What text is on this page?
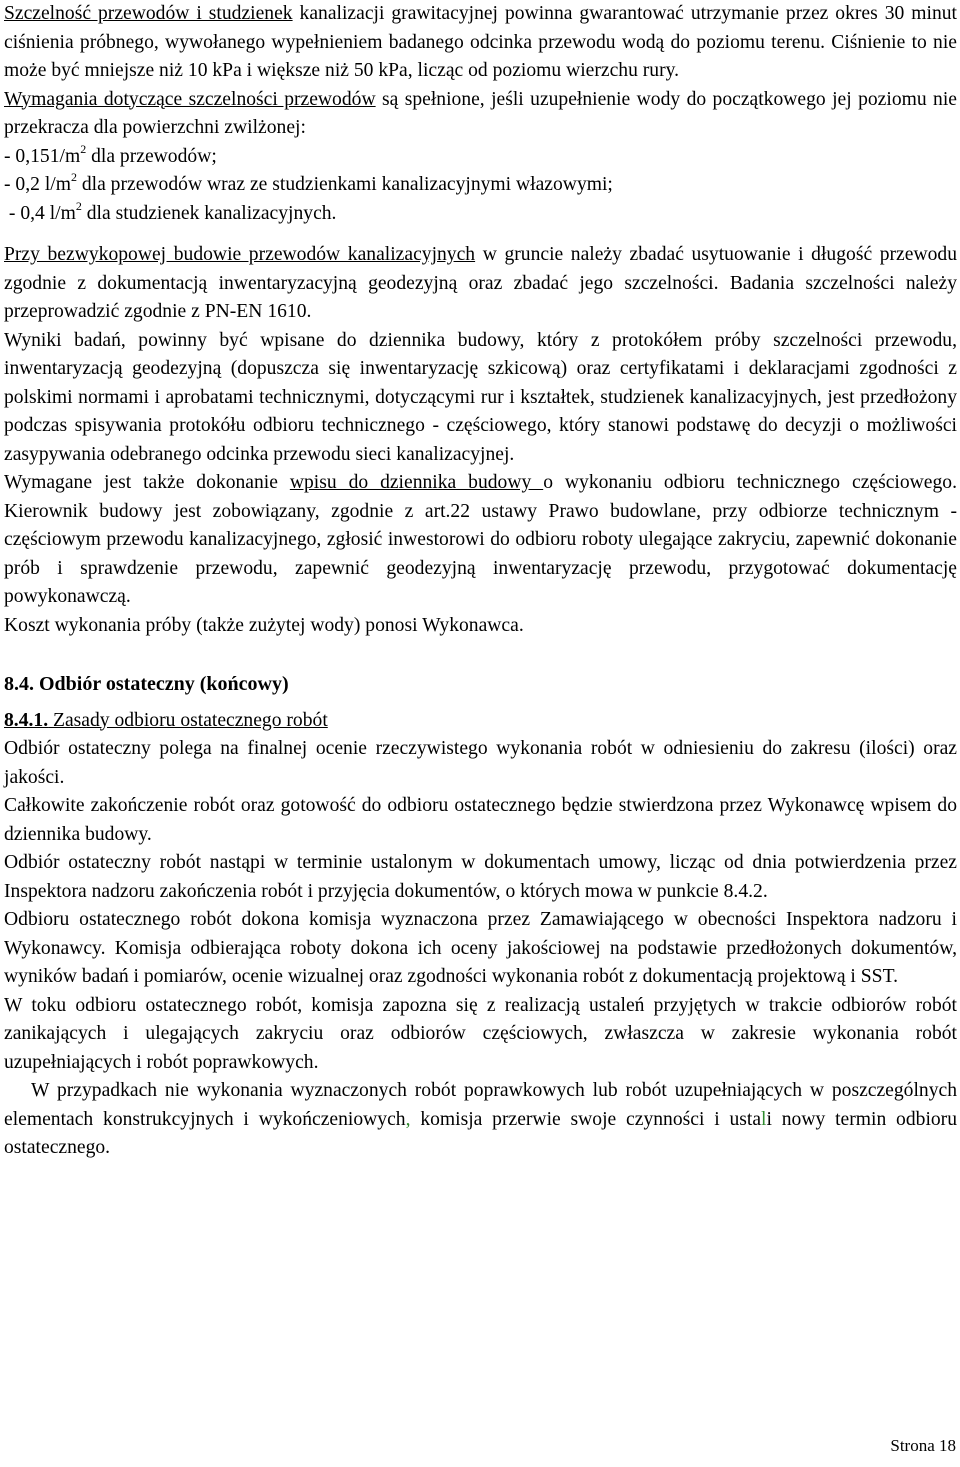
Szczelność przewodów i studzienek kanalizacji grawitacyjnej powinna gwarantować utrzymanie przez okres 30 minut ciśnienia próbnego, wywołanego wypełnieniem badanego odcinka przewodu wodą do poziomu terenu. Ciśnienie to nie może być mniejsze niż 10 kPa i większe niż 50 kPa, licząc od poziomu wierzchu rury.

Wymagania dotyczące szczelności przewodów są spełnione, jeśli uzupełnienie wody do początkowego jej poziomu nie przekracza dla powierzchni zwilżonej:

- $0,151/m^2$ dla przewodów;

- 0,2 $l/m^2$ dla przewodów wraz ze studzienkami kanalizacyjnymi włazowymi;

- 0,4 $l/m^2$ dla studzienek kanalizacyjnych.

Przy bezwykopowej budowie przewodów kanalizacyjnych w gruncie należy zbadać usytuowanie i długość przewodu zgodnie z dokumentacją inwentaryzacyjną geodezyjną oraz zbadać jego szczelności. Badania szczelności należy przeprowadzić zgodnie z PN-EN 1610.

Wyniki badań, powinny być wpisane do dziennika budowy, który z protokółem próby szczelności przewodu, inwentaryzacją geodezyjną (dopuszcza się inwentaryzację szkicową) oraz certyfikatami i deklaracjami zgodności z polskimi normami i aprobatami technicznymi, dotyczącymi rur i kształtek, studzienek kanalizacyjnych, jest przedłożony podczas spisywania protokółu odbioru technicznego - częściowego, który stanowi podstawę do decyzji o możliwości zasypywania odebranego odcinka przewodu sieci kanalizacyjnej.

Wymagane jest także dokonanie wpisu do dziennika budowy o wykonaniu odbioru technicznego częściowego. Kierownik budowy jest zobowiązany, zgodnie z art.22 ustawy Prawo budowlane, przy odbiorze technicznym - częściowym przewodu kanalizacyjnego, zgłosić inwestorowi do odbioru roboty ulegające zakryciu, zapewnić dokonanie prób i sprawdzenie przewodu, zapewnić geodezyjną inwentaryzację przewodu, przygotować dokumentację powykonawczą.

Koszt wykonania próby (także zużytej wody) ponosi Wykonawca.

8.4. Odbiór ostateczny (końcowy)

8.4.1. Zasady odbioru ostatecznego robót

Odbiór ostateczny polega na finalnej ocenie rzeczywistego wykonania robót w odniesieniu do zakresu (ilości) oraz jakości.

Całkowite zakończenie robót oraz gotowość do odbioru ostatecznego będzie stwierdzona przez Wykonawcę wpisem do dziennika budowy.

Odbiór ostateczny robót nastąpi w terminie ustalonym w dokumentach umowy, licząc od dnia potwierdzenia przez Inspektora nadzoru zakończenia robót i przyjęcia dokumentów, o których mowa w punkcie 8.4.2.

Odbioru ostatecznego robót dokona komisja wyznaczona przez Zamawiającego w obecności Inspektora nadzoru i Wykonawcy. Komisja odbierająca roboty dokona ich oceny jakościowej na podstawie przedłożonych dokumentów, wyników badań i pomiarów, ocenie wizualnej oraz zgodności wykonania robót z dokumentacją projektową i SST.

W toku odbioru ostatecznego robót, komisja zapozna się z realizacją ustaleń przyjętych w trakcie odbiorów robót zanikających i ulegających zakryciu oraz odbiorów częściowych, zwłaszcza w zakresie wykonania robót uzupełniających i robót poprawkowych.

W przypadkach nie wykonania wyznaczonych robót poprawkowych lub robót uzupełniających w poszczególnych elementach konstrukcyjnych i wykończeniowych, komisja przerwie swoje czynności i ustali nowy termin odbioru ostatecznego.

Strona 18
